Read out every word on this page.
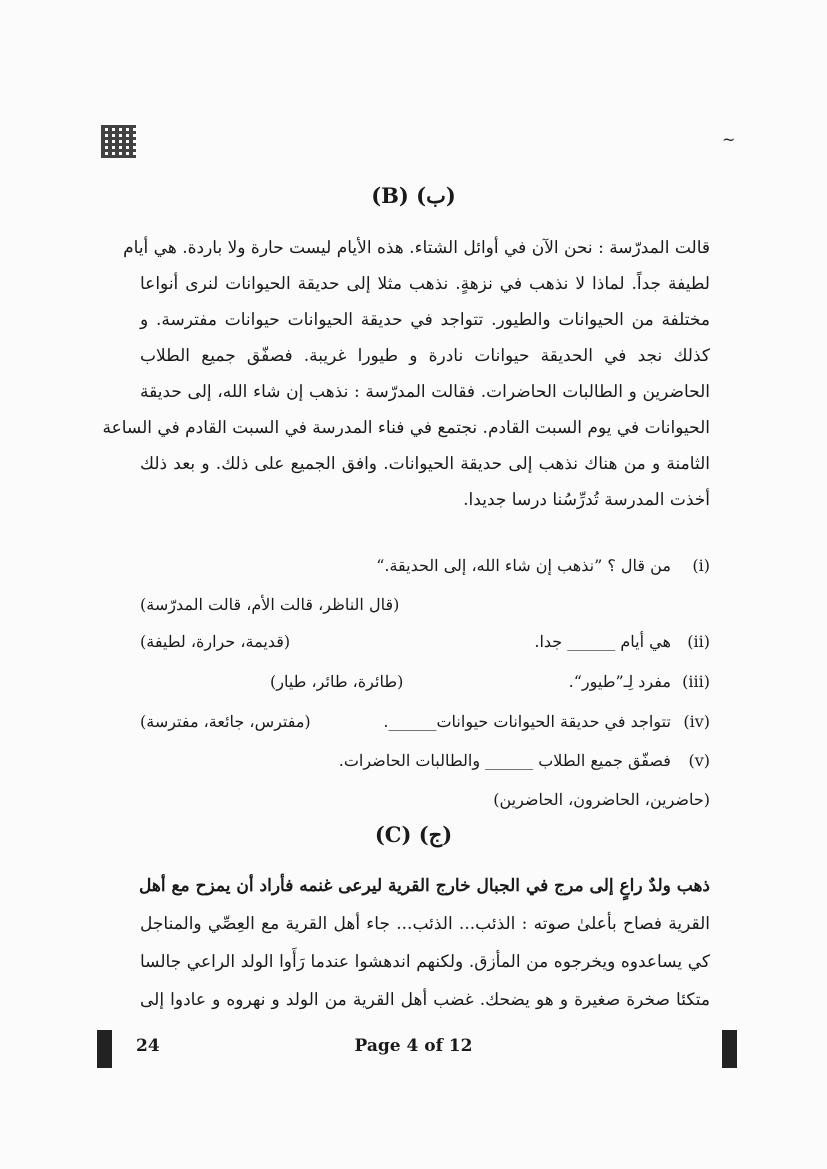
~
(B) (ب)
قالت المدرّسة : نحن الآن في أوائل الشتاء. هذه الأيام ليست حارة ولا باردة. هي أيام
لطيفة جداً. لماذا لا نذهب في نزهةٍ. نذهب مثلا إلى حديقة الحيوانات لنرى أنواعا
مختلفة من الحيوانات والطيور. تتواجد في حديقة الحيوانات حيوانات مفترسة. و
كذلك نجد في الحديقة حيوانات نادرة و طيورا غريبة. فصفّق جميع الطلاب
الحاضرين و الطالبات الحاضرات. فقالت المدرّسة : نذهب إن شاء الله، إلى حديقة
الحيوانات في يوم السبت القادم. نجتمع في فناء المدرسة في السبت القادم في الساعة
الثامنة و من هناك نذهب إلى حديقة الحيوانات. وافق الجميع على ذلك. و بعد ذلك
أخذت المدرسة تُدرِّسُنا درسا جديدا.
(i) من قال ؟ ”نذهب إن شاء الله، إلى الحديقة.“
(قال الناظر، قالت الأم، قالت المدرّسة)
(ii) هي أيام ______ جدا.
(قديمة، حرارة، لطيفة)
(iii) مفرد لِـ”طيور“.
(طائرة، طائر، طيار)
(iv) تتواجد في حديقة الحيوانات حيوانات______.
(مفترس، جائعة، مفترسة)
(v) فصفّق جميع الطلاب ______ والطالبات الحاضرات.
(حاضرين، الحاضرون، الحاضرين)
(C) (ج)
ذهب ولدٌ راعٍ إلى مرج في الجبال خارج القرية ليرعى غنمه فأراد أن يمزح مع أهل
القرية فصاح بأعلىٰ صوته : الذئب... الذئب... جاء أهل القرية مع العِصِّي والمناجل
كي يساعدوه ويخرجوه من المأزق. ولكنهم اندهشوا عندما رَأَوا الولد الراعي جالسا
متكئا صخرة صغيرة و هو يضحك. غضب أهل القرية من الولد و نهروه و عادوا إلى
24	Page 4 of 12
